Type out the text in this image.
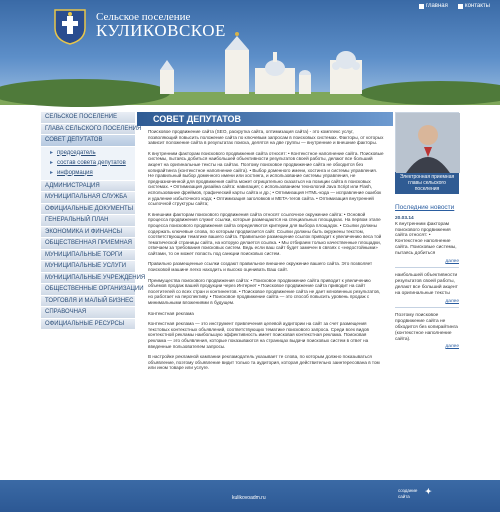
Сельское поселение
КУЛИКОВСКОЕ
главная	контакты
СЕЛЬСКОЕ ПОСЕЛЕНИЕ
ГЛАВА СЕЛЬСКОГО ПОСЕЛЕНИЯ
СОВЕТ ДЕПУТАТОВ
▸ председатель
▸ состав совета депутатов
▸ информация
АДМИНИСТРАЦИЯ
МУНИЦИПАЛЬНАЯ СЛУЖБА
ОФИЦИАЛЬНЫЕ ДОКУМЕНТЫ
ГЕНЕРАЛЬНЫЙ ПЛАН
ЭКОНОМИКА И ФИНАНСЫ
ОБЩЕСТВЕННАЯ ПРИЕМНАЯ
МУНИЦИПАЛЬНЫЕ ТОРГИ
МУНИЦИПАЛЬНЫЕ УСЛУГИ
МУНИЦИПАЛЬНЫЕ УЧРЕЖДЕНИЯ
ОБЩЕСТВЕННЫЕ ОРГАНИЗАЦИИ
ТОРГОВЛЯ И МАЛЫЙ БИЗНЕС
СПРАВОЧНАЯ
ОФИЦИАЛЬНЫЕ РЕСУРСЫ
СОВЕТ ДЕПУТАТОВ

Поисковое продвижение сайта (SEO, раскрутка сайта, оптимизация сайта) - это комплекс услуг, позволяющий повысить положение сайта по ключевым запросам в поисковых системах. Факторы, от которых зависит положение сайта в результатах поиска, делятся на две группы — внутренние и внешние факторы.

К внутренним факторам поискового продвижения сайта относят: • Контекстное наполнение сайта. Поисковые системы, пытаясь добиться наибольшей объективности результатов своей работы, делают все больший акцент на оригинальные тексты на сайтах. Поэтому поисковое продвижение сайта не обходится без копирайтинга (контекстное наполнение сайта). • Выбор доменного имени, хостинга и системы управления. Не правильный выбор доменного имени или хостинга, и использование системы управления, не предназначенной для продвижения сайта может отрицательно сказаться на позиции сайта в поисковых системах. • Оптимизация дизайна сайта: навигация; с использованием технологий Java Script или Flash, использование фреймов, графический карты сайта и др.; • Оптимизация HTML-кода — исправление ошибок и удаление избыточного кода; • Оптимизация заголовков и META-тегов сайта. • Оптимизация внутренней ссылочной структуры сайта;

К внешним факторам поискового продвижения сайта относят ссылочное окружение сайта: • Основой процесса продвижения служит ссылки, которые размещаются на специальных площадках. На первом этапе процесса поискового продвижения сайта определяются критерии для выбора площадок. • Ссылки должны содержать ключевые слова, по которым продвигается сайт. Ссылки должны быть окружены текстом, соответствующим тематике вашего сайта. Правильное размещение ссылок приводит к увеличению веса той тематической страницы сайта, на которую делается ссылка. • Мы отбираем только качественные площадки, отвечаем за требования поисковых систем. Ведь если ваш сайт будет замечен в связях с «недостойными» сайтами, то он может попасть под санкции поисковых систем.

Правильно размещенные ссылки создают правильное внешнее окружение вашего сайта. Это позволяет поисковой машине легко находить и высоко оценивать Ваш сайт.

Преимущества поискового продвижения сайта: • Поисковое продвижение сайта приводит к увеличению объемов продаж вашей продукции через Интернет • Поисковое продвижение сайта приводит на сайт посетителей со всех стран и континентов. • Поисковое продвижение сайта не дает мгновенных результатов, но работает на перспективу. • Поисковое продвижение сайта — это способ повысить уровень продаж с минимальными вложениями в будущем.

Контекстная реклама

Контекстная реклама — это инструмент привлечения целевой аудитории на сайт за счет размещения текстовых контекстных объявлений, соответствующих тематике поискового запроса. Среди всех видов контекстной рекламы наибольшую эффективность имеет поисковая контекстная реклама. Поисковая реклама — это объявления, которые показываются на страницах выдачи поисковых систем в ответ на введенные пользователем запросы.

В настройке рекламной кампании рекламодатель указывает те слова, по которым должно показываться объявление, поэтому объявление видит только та аудитория, которая действительно заинтересована в том или ином товаре или услуге.

Электронная приемная главы сельского поселения
Последние новости
20.03.14
К внутренним факторам поискового продвижения сайта относят: • Контекстное наполнение сайта. Поисковые системы, пытаясь добиться
далее
наибольшей объективности результатов своей работы, делают все больший акцент на оригинальные тексты
далее
Поэтому поисковое продвижение сайта не обходится без копирайтинга (контекстное наполнение сайта).
далее
kulikovoadm.ru
создание
сайта	✦
